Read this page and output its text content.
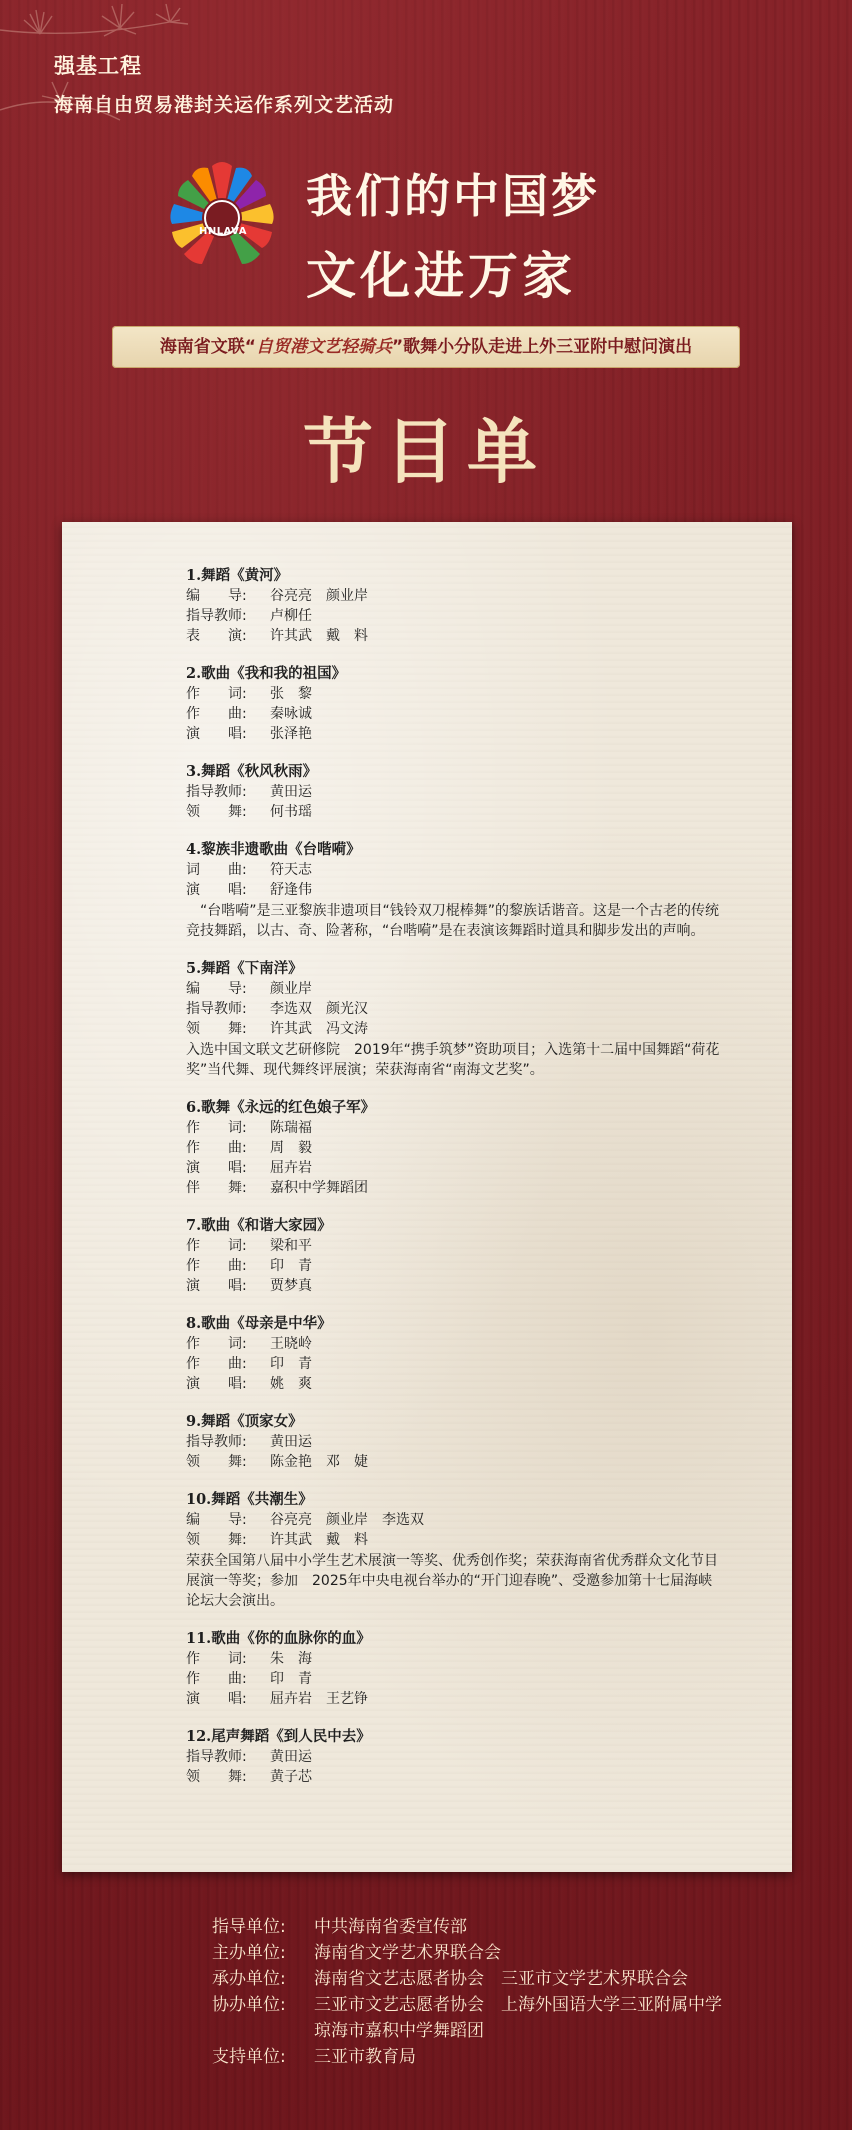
强基工程
海南自由贸易港封关运作系列文艺活动
HNLAVA
我们的中国梦
文化进万家
海南省文联“自贸港文艺轻骑兵”歌舞小分队走进上外三亚附中慰问演出
节目单
1.舞蹈《黄河》
编　　导:	谷亮亮　颜业岸
指导教师:	卢柳任
表　　演:	许其武　戴　料
2.歌曲《我和我的祖国》
作　　词:	张　黎
作　　曲:	秦咏诚
演　　唱:	张泽艳
3.舞蹈《秋风秋雨》
指导教师:	黄田运
领　　舞:	何书瑶
4.黎族非遗歌曲《台喈嗬》
词　　曲:	符天志
演　　唱:	舒逢伟
　“台喈嗬”是三亚黎族非遗项目“钱铃双刀棍棒舞”的黎族话谐音。这是一个古老的传统竞技舞蹈，以古、奇、险著称，“台喈嗬”是在表演该舞蹈时道具和脚步发出的声响。
5.舞蹈《下南洋》
编　　导:	颜业岸
指导教师:	李选双　颜光汉
领　　舞:	许其武　冯文涛
入选中国文联文艺研修院　2019年“携手筑梦”资助项目；入选第十二届中国舞蹈“荷花奖”当代舞、现代舞终评展演；荣获海南省“南海文艺奖”。
6.歌舞《永远的红色娘子军》
作　　词:	陈瑞福
作　　曲:	周　毅
演　　唱:	屈卉岩
伴　　舞:	嘉积中学舞蹈团
7.歌曲《和谐大家园》
作　　词:	梁和平
作　　曲:	印　青
演　　唱:	贾梦真
8.歌曲《母亲是中华》
作　　词:	王晓岭
作　　曲:	印　青
演　　唱:	姚　爽
9.舞蹈《顶家女》
指导教师:	黄田运
领　　舞:	陈金艳　邓　婕
10.舞蹈《共潮生》
编　　导:	谷亮亮　颜业岸　李选双
领　　舞:	许其武　戴　料
荣获全国第八届中小学生艺术展演一等奖、优秀创作奖；荣获海南省优秀群众文化节目展演一等奖；参加　2025年中央电视台举办的“开门迎春晚”、受邀参加第十七届海峡论坛大会演出。
11.歌曲《你的血脉你的血》
作　　词:	朱　海
作　　曲:	印　青
演　　唱:	屈卉岩　王艺铮
12.尾声舞蹈《到人民中去》
指导教师:	黄田运
领　　舞:	黄子芯
指导单位:	中共海南省委宣传部
主办单位:	海南省文学艺术界联合会
承办单位:	海南省文艺志愿者协会　三亚市文学艺术界联合会
协办单位:	三亚市文艺志愿者协会　上海外国语大学三亚附属中学
琼海市嘉积中学舞蹈团
支持单位:	三亚市教育局
